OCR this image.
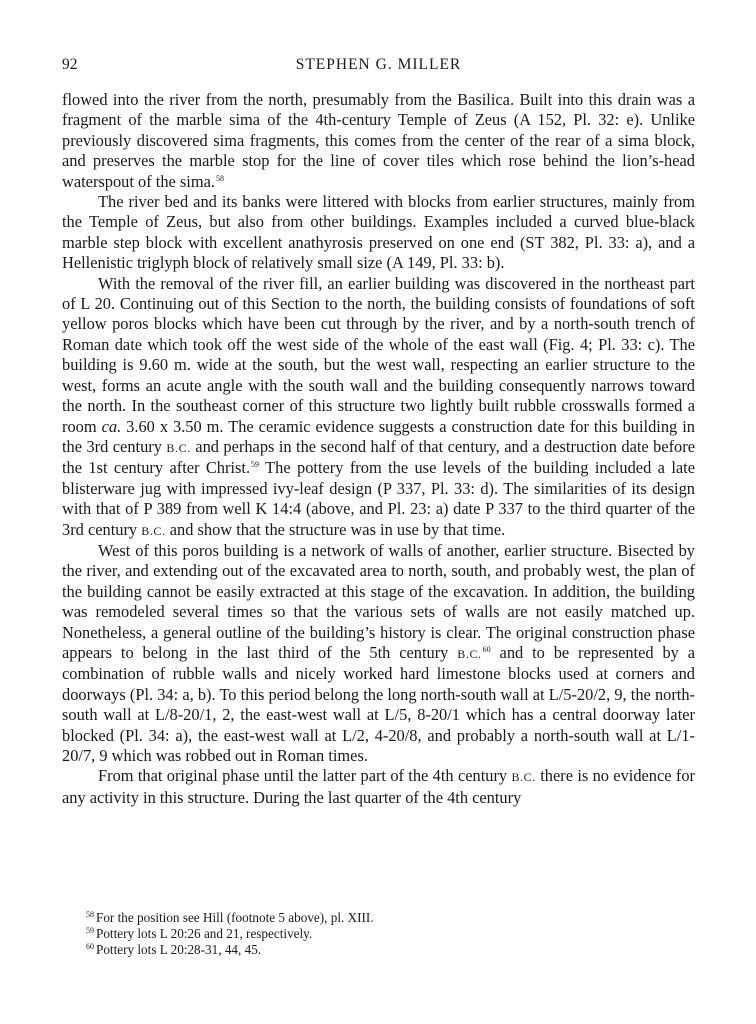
92	STEPHEN G. MILLER

flowed into the river from the north, presumably from the Basilica. Built into this drain was a fragment of the marble sima of the 4th-century Temple of Zeus (A 152, Pl. 32: e). Unlike previously discovered sima fragments, this comes from the center of the rear of a sima block, and preserves the marble stop for the line of cover tiles which rose behind the lion’s-head waterspout of the sima.$^{58}$

The river bed and its banks were littered with blocks from earlier structures, mainly from the Temple of Zeus, but also from other buildings. Examples included a curved blue-black marble step block with excellent anathyrosis preserved on one end (ST 382, Pl. 33: a), and a Hellenistic triglyph block of relatively small size (A 149, Pl. 33: b).

With the removal of the river fill, an earlier building was discovered in the northeast part of L 20. Continuing out of this Section to the north, the building consists of foundations of soft yellow poros blocks which have been cut through by the river, and by a north-south trench of Roman date which took off the west side of the whole of the east wall (Fig. 4; Pl. 33: c). The building is 9.60 m. wide at the south, but the west wall, respecting an earlier structure to the west, forms an acute angle with the south wall and the building consequently narrows toward the north. In the southeast corner of this structure two lightly built rubble crosswalls formed a room ca. 3.60 x 3.50 m. The ceramic evidence suggests a construction date for this building in the 3rd century B.C. and perhaps in the second half of that century, and a destruction date before the 1st century after Christ.$^{59}$ The pottery from the use levels of the building included a late blisterware jug with impressed ivy-leaf design (P 337, Pl. 33: d). The similarities of its design with that of P 389 from well K 14:4 (above, and Pl. 23: a) date P 337 to the third quarter of the 3rd century B.C. and show that the structure was in use by that time.

West of this poros building is a network of walls of another, earlier structure. Bisected by the river, and extending out of the excavated area to north, south, and probably west, the plan of the building cannot be easily extracted at this stage of the excavation. In addition, the building was remodeled several times so that the various sets of walls are not easily matched up. Nonetheless, a general outline of the building’s history is clear. The original construction phase appears to belong in the last third of the 5th century B.C.$^{60}$ and to be represented by a combination of rubble walls and nicely worked hard limestone blocks used at corners and doorways (Pl. 34: a, b). To this period belong the long north-south wall at L/5-20/2, 9, the north-south wall at L/8-20/1, 2, the east-west wall at L/5, 8-20/1 which has a central doorway later blocked (Pl. 34: a), the east-west wall at L/2, 4-20/8, and probably a north-south wall at L/1-20/7, 9 which was robbed out in Roman times.

From that original phase until the latter part of the 4th century B.C. there is no evidence for any activity in this structure. During the last quarter of the 4th century

$^{58}$ For the position see Hill (footnote 5 above), pl. XIII.
$^{59}$ Pottery lots L 20:26 and 21, respectively.
$^{60}$ Pottery lots L 20:28-31, 44, 45.
